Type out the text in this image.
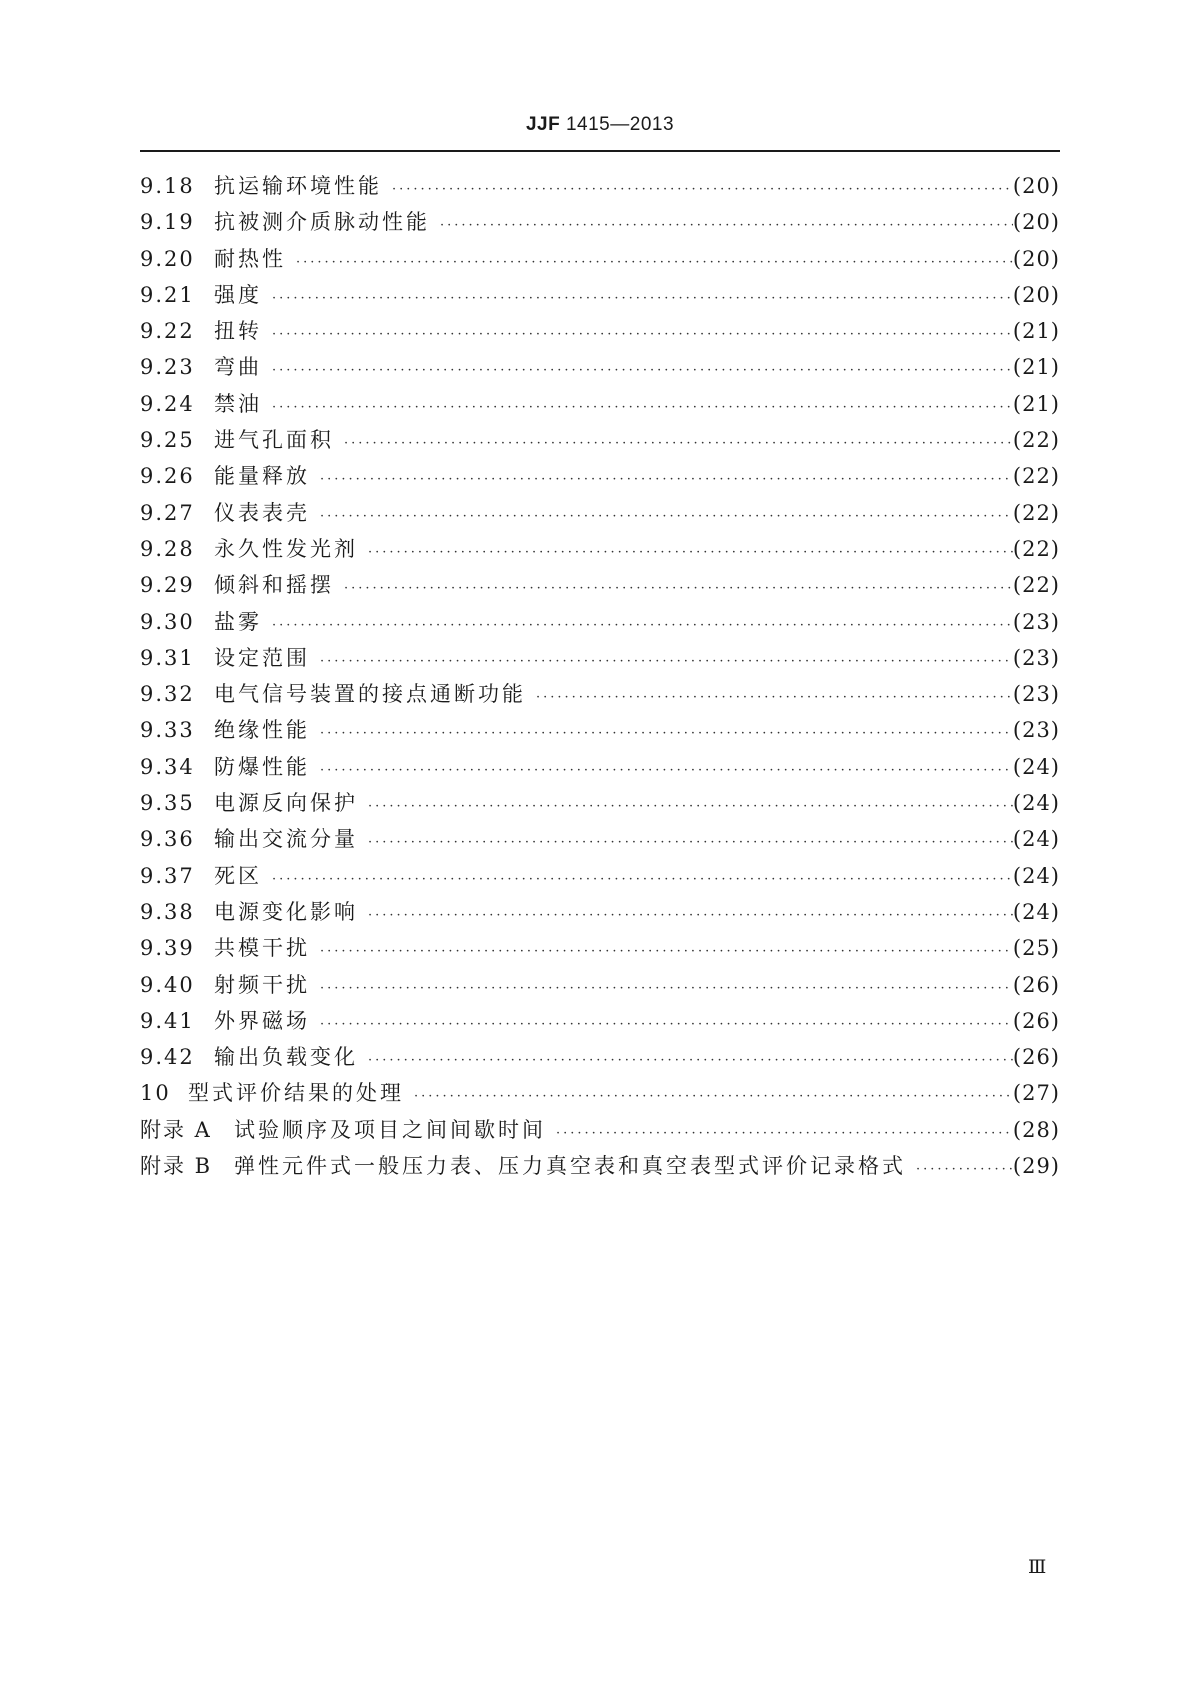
JJF 1415—2013
9.18 抗运输环境性能 ·····	(20)
9.19 抗被测介质脉动性能 ·····	(20)
9.20 耐热性 ·····	(20)
9.21 强度 ·····	(20)
9.22 扭转 ·····	(21)
9.23 弯曲 ·····	(21)
9.24 禁油 ·····	(21)
9.25 进气孔面积 ·····	(22)
9.26 能量释放 ·····	(22)
9.27 仪表表壳 ·····	(22)
9.28 永久性发光剂 ·····	(22)
9.29 倾斜和摇摆 ·····	(22)
9.30 盐雾 ·····	(23)
9.31 设定范围 ·····	(23)
9.32 电气信号装置的接点通断功能 ·····	(23)
9.33 绝缘性能 ·····	(23)
9.34 防爆性能 ·····	(24)
9.35 电源反向保护 ·····	(24)
9.36 输出交流分量 ·····	(24)
9.37 死区 ·····	(24)
9.38 电源变化影响 ·····	(24)
9.39 共模干扰 ·····	(25)
9.40 射频干扰 ·····	(26)
9.41 外界磁场 ·····	(26)
9.42 输出负载变化 ·····	(26)
10 型式评价结果的处理 ·····	(27)
附录 A	试验顺序及项目之间间歇时间 ·····	(28)
附录 B	弹性元件式一般压力表、压力真空表和真空表型式评价记录格式 ·····	(29)
Ⅲ
